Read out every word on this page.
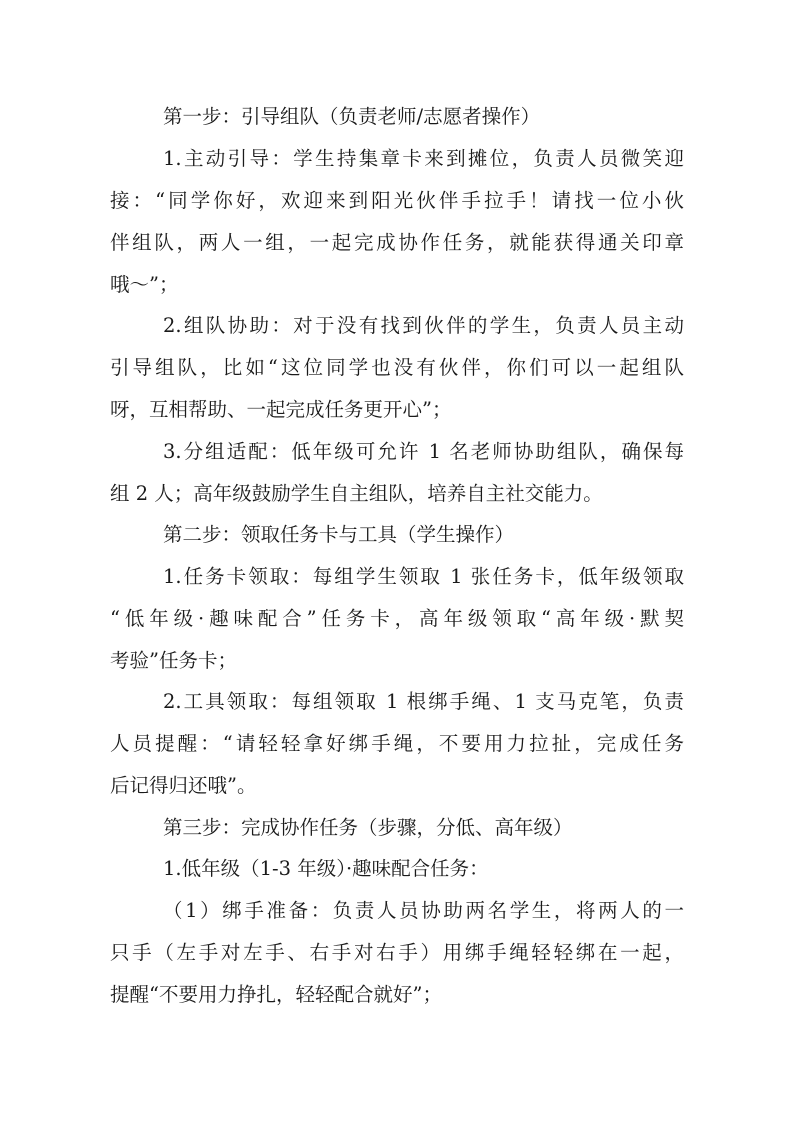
第一步：引导组队（负责老师/志愿者操作）
1.主动引导：学生持集章卡来到摊位，负责人员微笑迎
接：“同学你好，欢迎来到阳光伙伴手拉手！请找一位小伙
伴组队，两人一组，一起完成协作任务，就能获得通关印章
哦～”；
2.组队协助：对于没有找到伙伴的学生，负责人员主动
引导组队，比如“这位同学也没有伙伴，你们可以一起组队
呀，互相帮助、一起完成任务更开心”；
3.分组适配：低年级可允许 1 名老师协助组队，确保每
组 2 人；高年级鼓励学生自主组队，培养自主社交能力。
第二步：领取任务卡与工具（学生操作）
1.任务卡领取：每组学生领取 1 张任务卡，低年级领取
“低年级·趣味配合”任务卡，高年级领取“高年级·默契
考验”任务卡；
2.工具领取：每组领取 1 根绑手绳、1 支马克笔，负责
人员提醒：“请轻轻拿好绑手绳，不要用力拉扯，完成任务
后记得归还哦”。
第三步：完成协作任务（步骤，分低、高年级）
1.低年级（1-3 年级）·趣味配合任务：
（1）绑手准备：负责人员协助两名学生，将两人的一
只手（左手对左手、右手对右手）用绑手绳轻轻绑在一起，
提醒“不要用力挣扎，轻轻配合就好”；
